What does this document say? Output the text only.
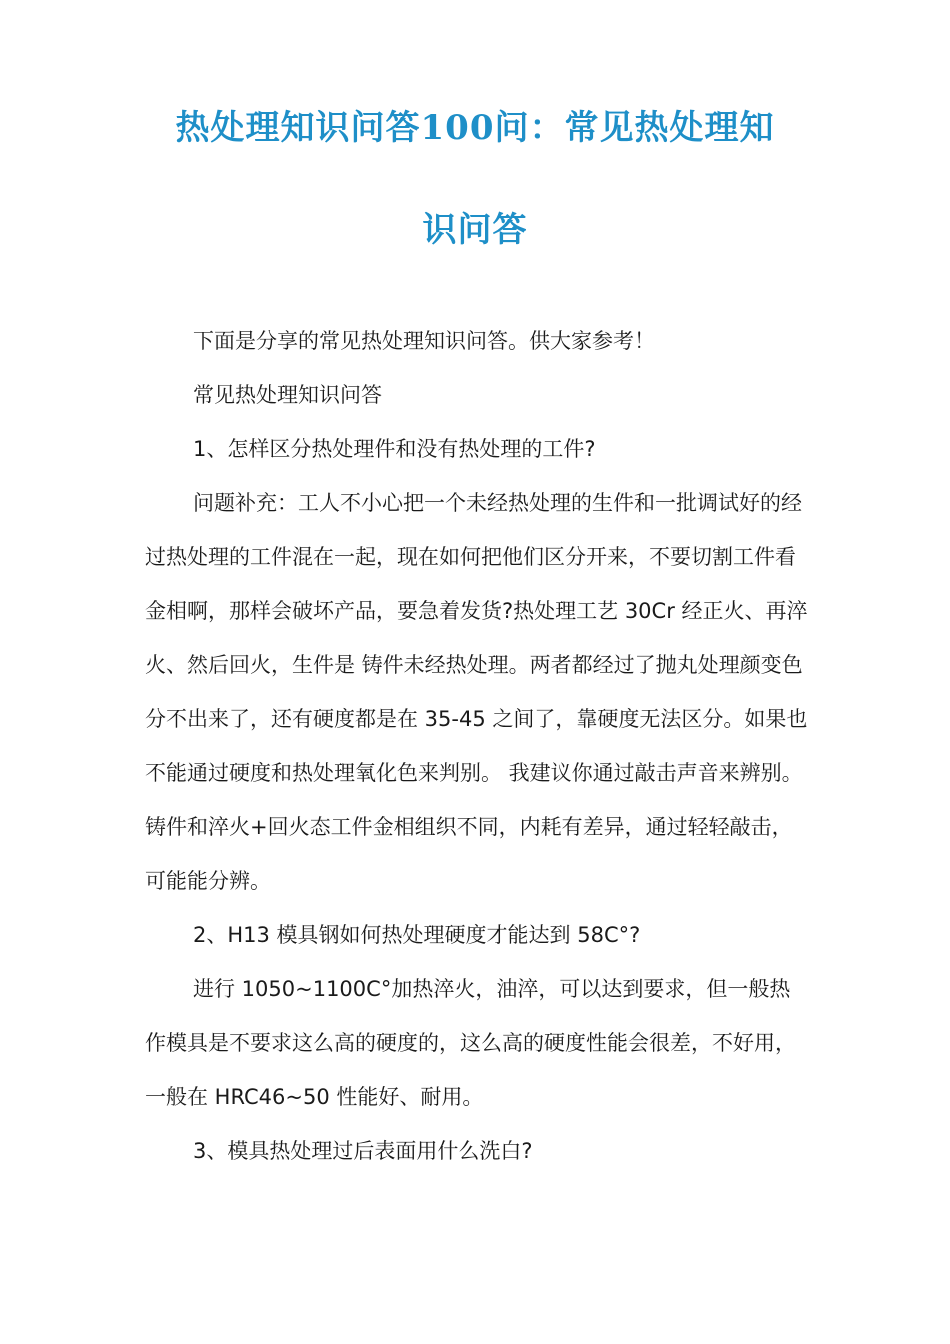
热处理知识问答100问：常见热处理知
识问答

下面是分享的常见热处理知识问答。供大家参考！

常见热处理知识问答

1、怎样区分热处理件和没有热处理的工件?

问题补充：工人不小心把一个未经热处理的生件和一批调试好的经过热处理的工件混在一起，现在如何把他们区分开来，不要切割工件看金相啊，那样会破坏产品，要急着发货?热处理工艺 30Cr 经正火、再淬火、然后回火，生件是 铸件未经热处理。两者都经过了抛丸处理颜变色分不出来了，还有硬度都是在 35-45 之间了，靠硬度无法区分。如果也不能通过硬度和热处理氧化色来判别。 我建议你通过敲击声音来辨别。 铸件和淬火+回火态工件金相组织不同，内耗有差异，通过轻轻敲击，可能能分辨。

2、H13 模具钢如何热处理硬度才能达到 58C°?

进行 1050~1100C°加热淬火，油淬，可以达到要求，但一般热作模具是不要求这么高的硬度的，这么高的硬度性能会很差，不好用，一般在 HRC46~50 性能好、耐用。

3、模具热处理过后表面用什么洗白?
